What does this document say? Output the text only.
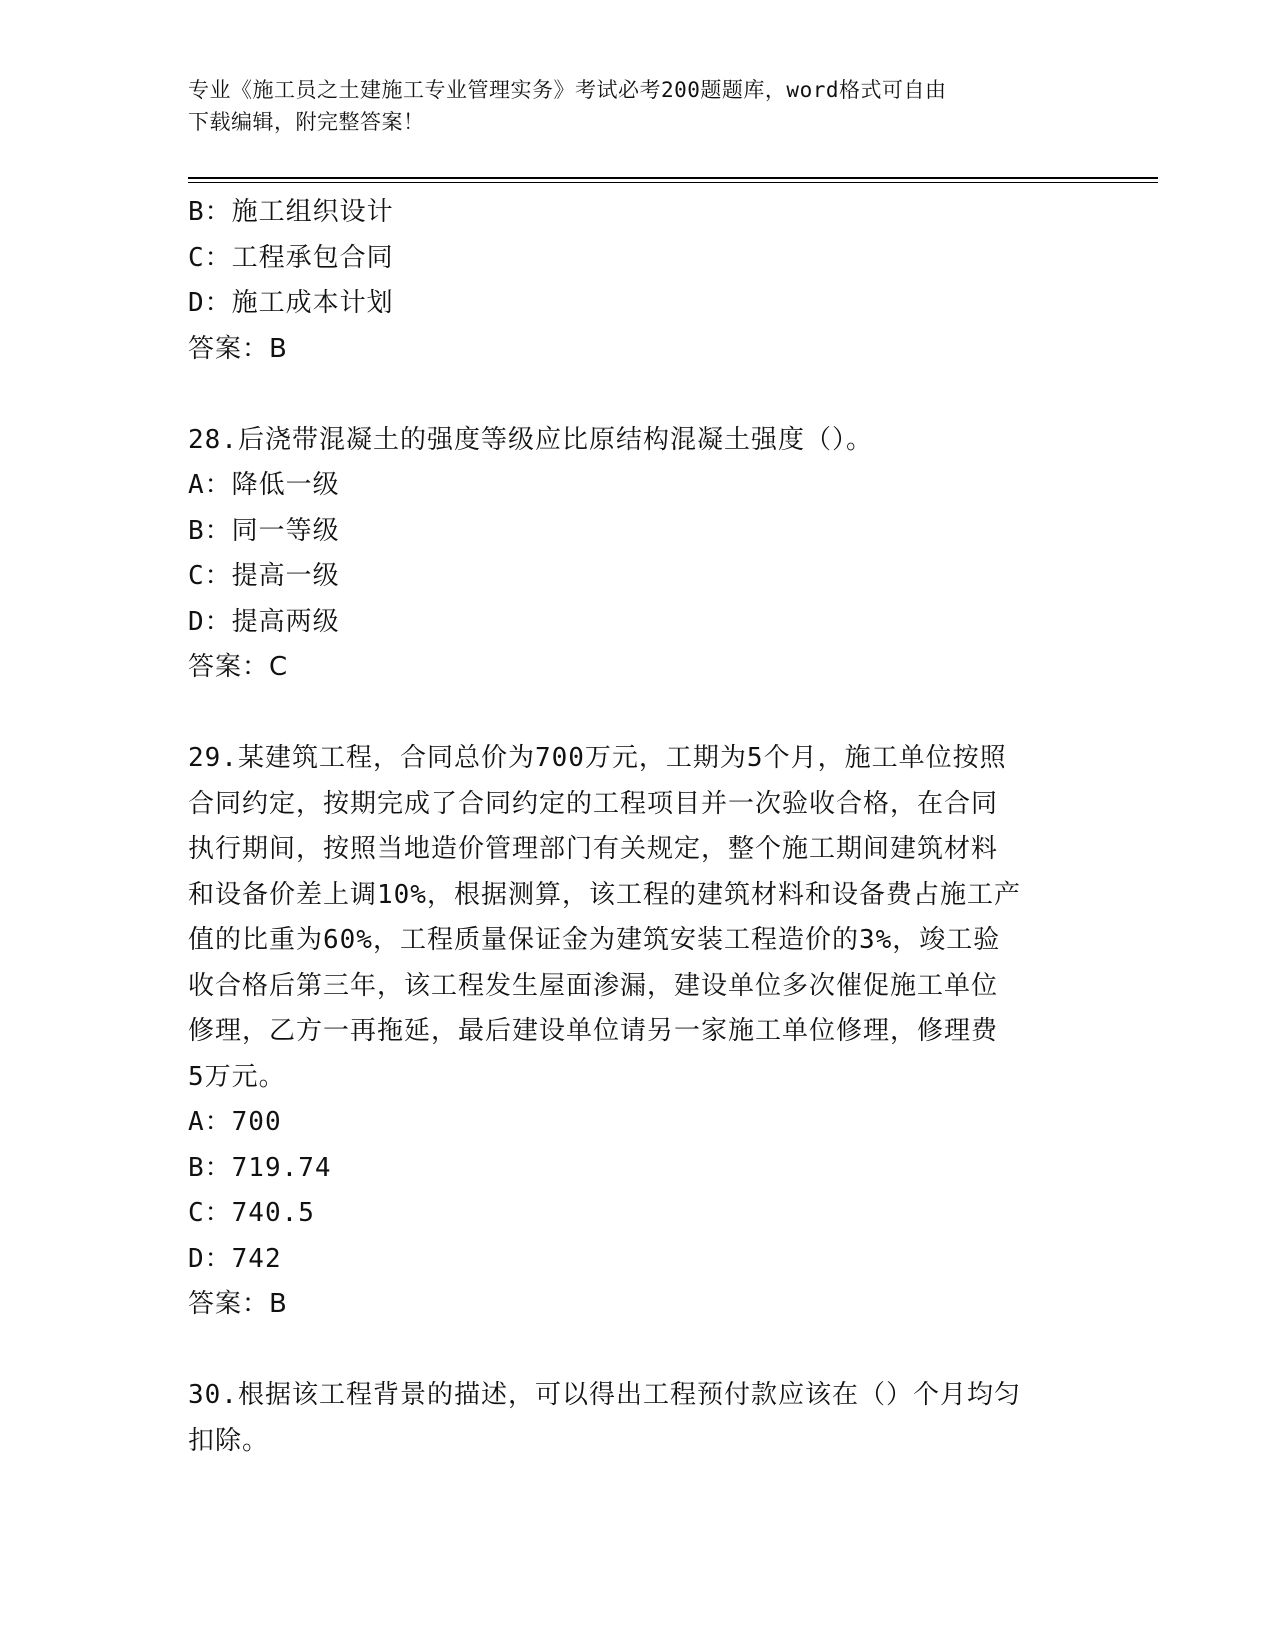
专业《施工员之土建施工专业管理实务》考试必考200题题库，word格式可自由
下载编辑，附完整答案！
B：施工组织设计
C：工程承包合同
D：施工成本计划
答案：B
28.后浇带混凝土的强度等级应比原结构混凝土强度（）。
A：降低一级
B：同一等级
C：提高一级
D：提高两级
答案：C
29.某建筑工程，合同总价为700万元，工期为5个月，施工单位按照
合同约定，按期完成了合同约定的工程项目并一次验收合格，在合同
执行期间，按照当地造价管理部门有关规定，整个施工期间建筑材料
和设备价差上调10%，根据测算，该工程的建筑材料和设备费占施工产
值的比重为60%，工程质量保证金为建筑安装工程造价的3%，竣工验
收合格后第三年，该工程发生屋面渗漏，建设单位多次催促施工单位
修理，乙方一再拖延，最后建设单位请另一家施工单位修理，修理费
5万元。
A：700
B：719.74
C：740.5
D：742
答案：B
30.根据该工程背景的描述，可以得出工程预付款应该在（）个月均匀
扣除。
